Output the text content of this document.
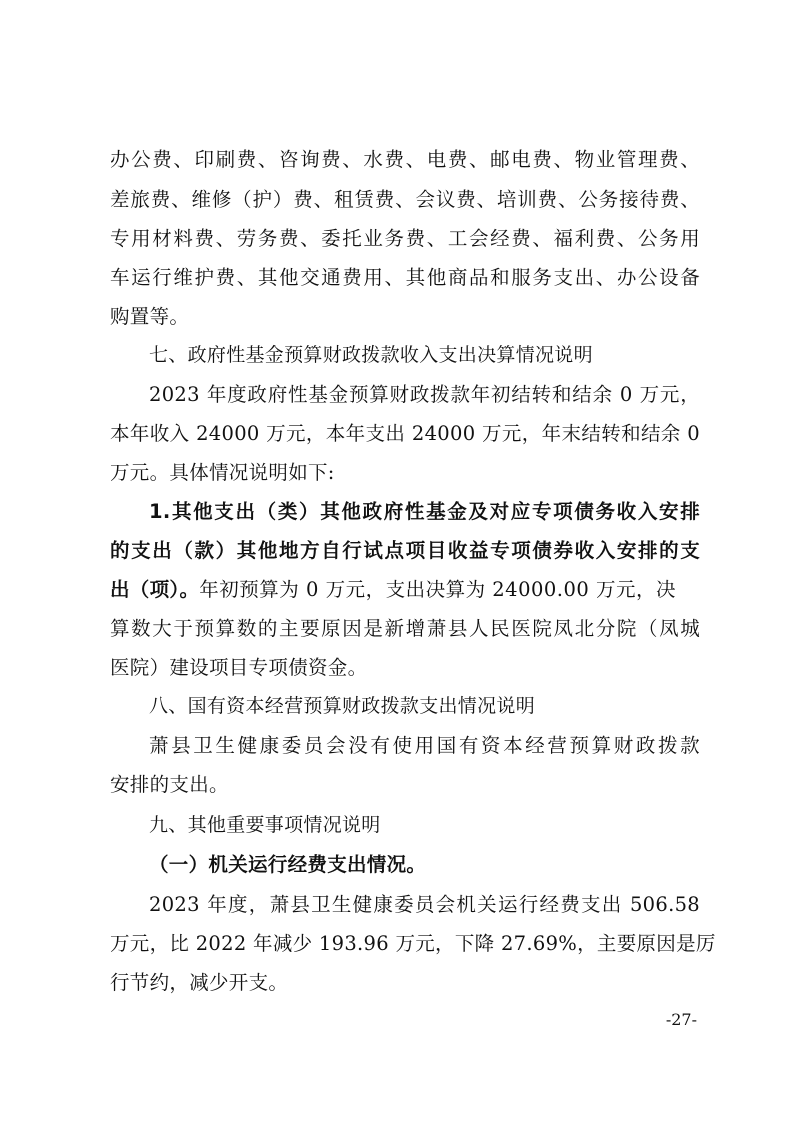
办公费、印刷费、咨询费、水费、电费、邮电费、物业管理费、
差旅费、维修（护）费、租赁费、会议费、培训费、公务接待费、
专用材料费、劳务费、委托业务费、工会经费、福利费、公务用
车运行维护费、其他交通费用、其他商品和服务支出、办公设备
购置等。
七、政府性基金预算财政拨款收入支出决算情况说明
2023 年度政府性基金预算财政拨款年初结转和结余 0 万元，
本年收入 24000 万元，本年支出 24000 万元，年末结转和结余 0
万元。具体情况说明如下:
1.其他支出（类）其他政府性基金及对应专项债务收入安排
的支出（款）其他地方自行试点项目收益专项债券收入安排的支
出（项）。年初预算为 0 万元，支出决算为 24000.00 万元，决
算数大于预算数的主要原因是新增萧县人民医院凤北分院（凤城
医院）建设项目专项债资金。
八、国有资本经营预算财政拨款支出情况说明
萧县卫生健康委员会没有使用国有资本经营预算财政拨款
安排的支出。
九、其他重要事项情况说明
（一）机关运行经费支出情况。
2023 年度，萧县卫生健康委员会机关运行经费支出 506.58
万元，比 2022 年减少 193.96 万元，下降 27.69%，主要原因是厉
行节约，减少开支。
-27-
